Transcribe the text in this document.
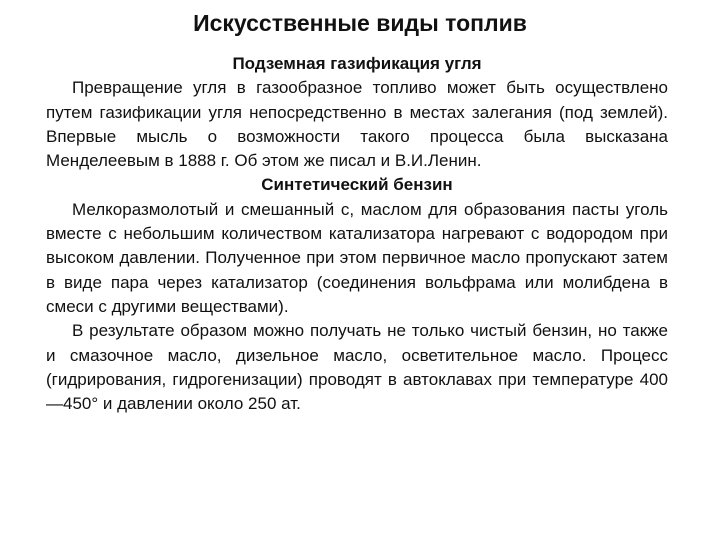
Искусственные виды топлив
Подземная газификация угля

Превращение угля в газообразное топливо может быть осуществлено путем газификации угля непосредственно в местах залегания (под землей). Впервые мысль о возможности такого процесса была высказана Менделеевым в 1888 г. Об этом же писал и В.И.Ленин.

Синтетический бензин

Мелкоразмолотый и смешанный с, маслом для образования пасты уголь вместе с небольшим количеством катализатора нагревают с водородом при высоком давлении. Полученное при этом первичное масло пропускают затем в виде пара через катализатор (соединения вольфрама или молибдена в смеси с другими веществами).

В результате образом можно получать не только чистый бензин, но также и смазочное масло, дизельное масло, осветительное масло. Процесс (гидрирования, гидрогенизации) проводят в автоклавах при температуре 400—450° и давлении около 250 ат.
